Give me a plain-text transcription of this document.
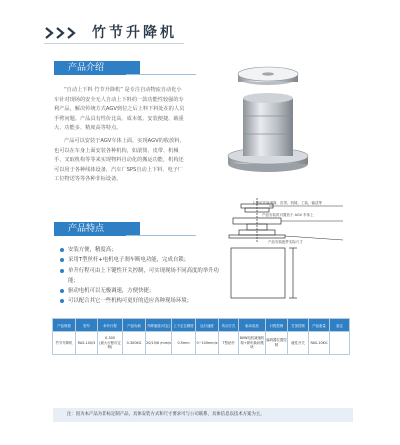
竹节升降机
产品介绍

“自动上下料 竹节升降机” 是专注自动物流自动化小车针对现场的安全无人自动上下料的一款功能性较强的专利产品，解决传统方式AGV到位之后上料下料处在的人员手臂问题。产品具有性价比高、成本低、安装便捷、载重大、功能多、精度高等特点。

产品可以安装于AGV车体上面，实现AGV的收放料，也可以在车身上面安装各种机构，如滚筒、皮带、机械手、叉取机构等等来实现物料自动化的搬运功能，机构还可以用于各种线体设备，汽车厂SPS自动上下料、电子厂工位物送等等各种非标设备。

上部可安装滚筒、皮带、机械、工装、输送等
产品安装时可置放于 AGV 车体上
产品安装配件实际尺寸
产品特点
安装方便，精度高；
采用T型丝杆+电机电子刹车断电功能，完成自锁；
单升行程可由上下键性开关控制，可实现现场不同高度的举升功能；
驱动电机可以无极调速，方便快捷；
可以配合其它一些机构可更好的适应各种现场环境；
产品规格	型号	举升行程	产品负载	升降速度(可定)	上下定位精度	运行速度	传动方式	驱动电机	行程控制	打顶控制	产品重量	备注
竹节升降机	RAS-100/3	0-300
(最大行程可定制)	0-300KG	20/15/6 /mm/s	0.5mm	0~100mm/s	T型丝杆	80W电机减速机构+刹车换向模块	编码器位置控制	碰性开关	RAS-10KG	
注：因为本产品为非标定制产品，具体安装方式和尺寸要求可与公司联系，具体信息以技术方案为主。
